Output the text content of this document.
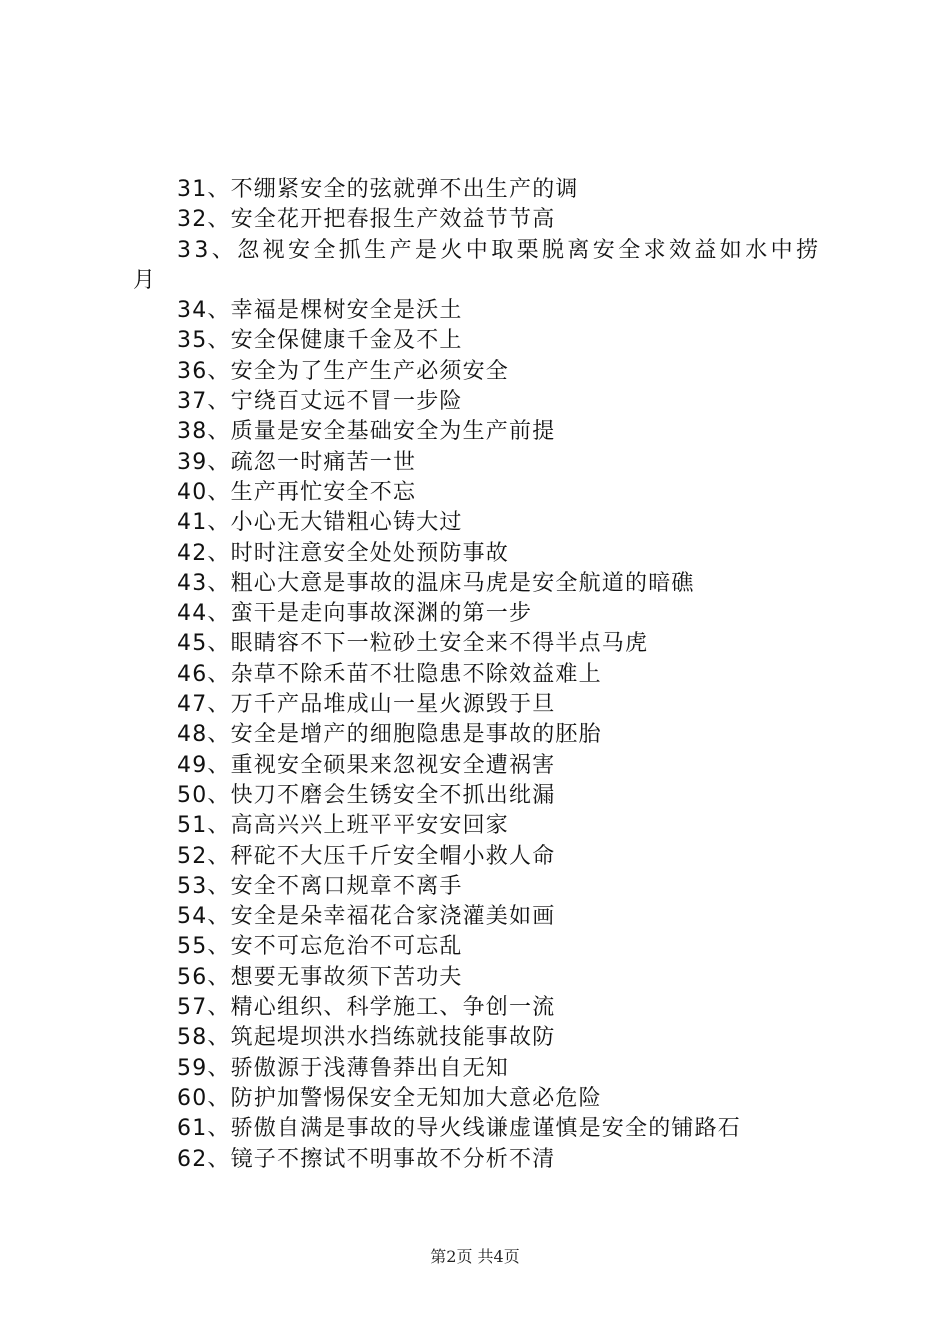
31、不绷紧安全的弦就弹不出生产的调
32、安全花开把春报生产效益节节高
33、忽视安全抓生产是火中取栗脱离安全求效益如水中捞
月
34、幸福是棵树安全是沃土
35、安全保健康千金及不上
36、安全为了生产生产必须安全
37、宁绕百丈远不冒一步险
38、质量是安全基础安全为生产前提
39、疏忽一时痛苦一世
40、生产再忙安全不忘
41、小心无大错粗心铸大过
42、时时注意安全处处预防事故
43、粗心大意是事故的温床马虎是安全航道的暗礁
44、蛮干是走向事故深渊的第一步
45、眼睛容不下一粒砂土安全来不得半点马虎
46、杂草不除禾苗不壮隐患不除效益难上
47、万千产品堆成山一星火源毁于旦
48、安全是增产的细胞隐患是事故的胚胎
49、重视安全硕果来忽视安全遭祸害
50、快刀不磨会生锈安全不抓出纰漏
51、高高兴兴上班平平安安回家
52、秤砣不大压千斤安全帽小救人命
53、安全不离口规章不离手
54、安全是朵幸福花合家浇灌美如画
55、安不可忘危治不可忘乱
56、想要无事故须下苦功夫
57、精心组织、科学施工、争创一流
58、筑起堤坝洪水挡练就技能事故防
59、骄傲源于浅薄鲁莽出自无知
60、防护加警惕保安全无知加大意必危险
61、骄傲自满是事故的导火线谦虚谨慎是安全的铺路石
62、镜子不擦试不明事故不分析不清
第2页 共4页
